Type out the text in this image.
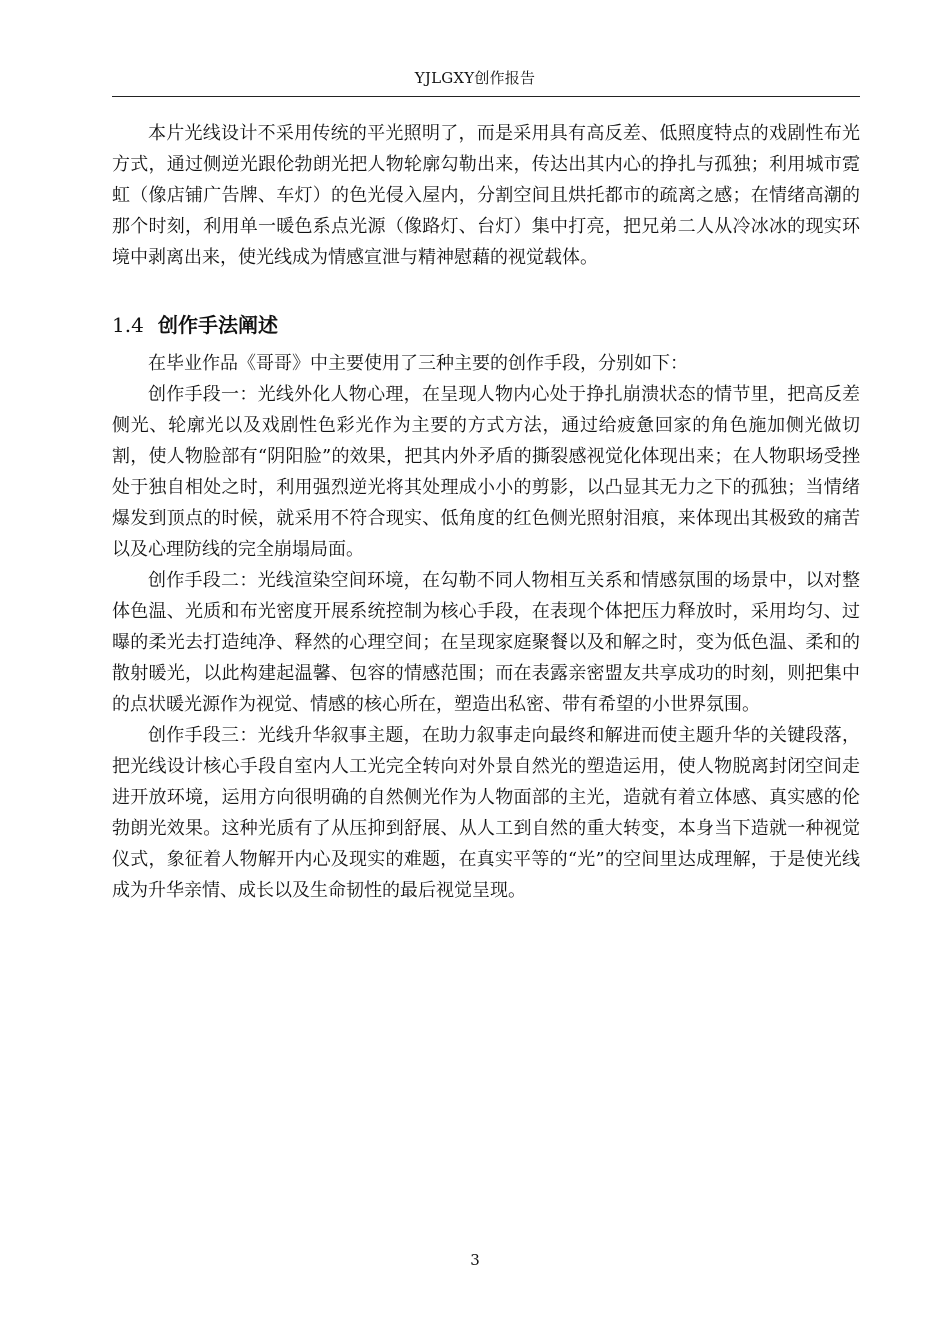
YJLGXY创作报告

本片光线设计不采用传统的平光照明了，而是采用具有高反差、低照度特点的戏剧性布光方式，通过侧逆光跟伦勃朗光把人物轮廓勾勒出来，传达出其内心的挣扎与孤独；利用城市霓虹（像店铺广告牌、车灯）的色光侵入屋内，分割空间且烘托都市的疏离之感；在情绪高潮的那个时刻，利用单一暖色系点光源（像路灯、台灯）集中打亮，把兄弟二人从冷冰冰的现实环境中剥离出来，使光线成为情感宣泄与精神慰藉的视觉载体。

1.4 创作手法阐述

在毕业作品《哥哥》中主要使用了三种主要的创作手段，分别如下：

创作手段一：光线外化人物心理，在呈现人物内心处于挣扎崩溃状态的情节里，把高反差侧光、轮廓光以及戏剧性色彩光作为主要的方式方法，通过给疲惫回家的角色施加侧光做切割，使人物脸部有“阴阳脸”的效果，把其内外矛盾的撕裂感视觉化体现出来；在人物职场受挫处于独自相处之时，利用强烈逆光将其处理成小小的剪影，以凸显其无力之下的孤独；当情绪爆发到顶点的时候，就采用不符合现实、低角度的红色侧光照射泪痕，来体现出其极致的痛苦以及心理防线的完全崩塌局面。

创作手段二：光线渲染空间环境，在勾勒不同人物相互关系和情感氛围的场景中，以对整体色温、光质和布光密度开展系统控制为核心手段，在表现个体把压力释放时，采用均匀、过曝的柔光去打造纯净、释然的心理空间；在呈现家庭聚餐以及和解之时，变为低色温、柔和的散射暖光，以此构建起温馨、包容的情感范围；而在表露亲密盟友共享成功的时刻，则把集中的点状暖光源作为视觉、情感的核心所在，塑造出私密、带有希望的小世界氛围。

创作手段三：光线升华叙事主题，在助力叙事走向最终和解进而使主题升华的关键段落，把光线设计核心手段自室内人工光完全转向对外景自然光的塑造运用，使人物脱离封闭空间走进开放环境，运用方向很明确的自然侧光作为人物面部的主光，造就有着立体感、真实感的伦勃朗光效果。这种光质有了从压抑到舒展、从人工到自然的重大转变，本身当下造就一种视觉仪式，象征着人物解开内心及现实的难题，在真实平等的“光”的空间里达成理解，于是使光线成为升华亲情、成长以及生命韧性的最后视觉呈现。

3
